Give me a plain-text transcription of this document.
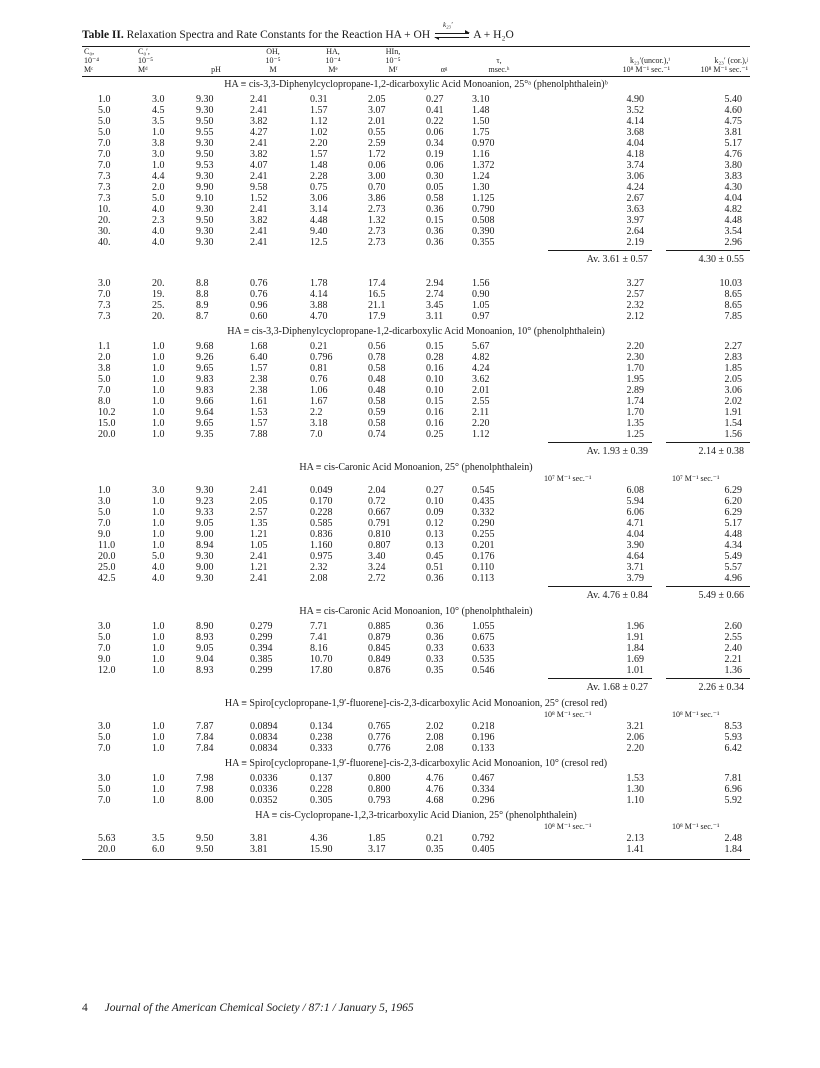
Table II. Relaxation Spectra and Rate Constants for the Reaction HA + OH
k₂₃′
A + H₂O
C₀,	C₀′,		OH,	HA,	HIn,				
10⁻⁴	10⁻⁵		10⁻⁵	10⁻⁴	10⁻⁵		τ,	k₂₃′(uncor.),ⁱ	k₂₃′ (cor.),ʲ
Mᶜ	Mᵈ	pH	M	Mᵉ	Mᶠ	αᵍ	msec.ʰ	10⁸ M⁻¹ sec.⁻¹	10⁸ M⁻¹ sec.⁻¹
HA ≡ cis-3,3-Diphenylcyclopropane-1,2-dicarboxylic Acid Monoanion, 25°ᵃ (phenolphthalein)ᵇ
1.0	3.0	9.30	2.41	0.31	2.05	0.27	3.10	4.90	5.40
5.0	4.5	9.30	2.41	1.57	3.07	0.41	1.48	3.52	4.60
5.0	3.5	9.50	3.82	1.12	2.01	0.22	1.50	4.14	4.75
5.0	1.0	9.55	4.27	1.02	0.55	0.06	1.75	3.68	3.81
7.0	3.8	9.30	2.41	2.20	2.59	0.34	0.970	4.04	5.17
7.0	3.0	9.50	3.82	1.57	1.72	0.19	1.16	4.18	4.76
7.0	1.0	9.53	4.07	1.48	0.06	0.06	1.372	3.74	3.80
7.3	4.4	9.30	2.41	2.28	3.00	0.30	1.24	3.06	3.83
7.3	2.0	9.90	9.58	0.75	0.70	0.05	1.30	4.24	4.30
7.3	5.0	9.10	1.52	3.06	3.86	0.58	1.125	2.67	4.04
10.	4.0	9.30	2.41	3.14	2.73	0.36	0.790	3.63	4.82
20.	2.3	9.50	3.82	4.48	1.32	0.15	0.508	3.97	4.48
30.	4.0	9.30	2.41	9.40	2.73	0.36	0.390	2.64	3.54
40.	4.0	9.30	2.41	12.5	2.73	0.36	0.355	2.19	2.96
Av. 3.61 ± 0.57	4.30 ± 0.55
3.0	20.	8.8	0.76	1.78	17.4	2.94	1.56	3.27	10.03
7.0	19.	8.8	0.76	4.14	16.5	2.74	0.90	2.57	8.65
7.3	25.	8.9	0.96	3.88	21.1	3.45	1.05	2.32	8.65
7.3	20.	8.7	0.60	4.70	17.9	3.11	0.97	2.12	7.85
HA ≡ cis-3,3-Diphenylcyclopropane-1,2-dicarboxylic Acid Monoanion, 10° (phenolphthalein)
1.1	1.0	9.68	1.68	0.21	0.56	0.15	5.67	2.20	2.27
2.0	1.0	9.26	6.40	0.796	0.78	0.28	4.82	2.30	2.83
3.8	1.0	9.65	1.57	0.81	0.58	0.16	4.24	1.70	1.85
5.0	1.0	9.83	2.38	0.76	0.48	0.10	3.62	1.95	2.05
7.0	1.0	9.83	2.38	1.06	0.48	0.10	2.01	2.89	3.06
8.0	1.0	9.66	1.61	1.67	0.58	0.15	2.55	1.74	2.02
10.2	1.0	9.64	1.53	2.2	0.59	0.16	2.11	1.70	1.91
15.0	1.0	9.65	1.57	3.18	0.58	0.16	2.20	1.35	1.54
20.0	1.0	9.35	7.88	7.0	0.74	0.25	1.12	1.25	1.56
Av. 1.93 ± 0.39	2.14 ± 0.38
HA ≡ cis-Caronic Acid Monoanion, 25° (phenolphthalein)
10⁷ M⁻¹ sec.⁻¹	10⁷ M⁻¹ sec.⁻¹
1.0	3.0	9.30	2.41	0.049	2.04	0.27	0.545	6.08	6.29
3.0	1.0	9.23	2.05	0.170	0.72	0.10	0.435	5.94	6.20
5.0	1.0	9.33	2.57	0.228	0.667	0.09	0.332	6.06	6.29
7.0	1.0	9.05	1.35	0.585	0.791	0.12	0.290	4.71	5.17
9.0	1.0	9.00	1.21	0.836	0.810	0.13	0.255	4.04	4.48
11.0	1.0	8.94	1.05	1.160	0.807	0.13	0.201	3.90	4.34
20.0	5.0	9.30	2.41	0.975	3.40	0.45	0.176	4.64	5.49
25.0	4.0	9.00	1.21	2.32	3.24	0.51	0.110	3.71	5.57
42.5	4.0	9.30	2.41	2.08	2.72	0.36	0.113	3.79	4.96
Av. 4.76 ± 0.84	5.49 ± 0.66
HA ≡ cis-Caronic Acid Monoanion, 10° (phenolphthalein)
3.0	1.0	8.90	0.279	7.71	0.885	0.36	1.055	1.96	2.60
5.0	1.0	8.93	0.299	7.41	0.879	0.36	0.675	1.91	2.55
7.0	1.0	9.05	0.394	8.16	0.845	0.33	0.633	1.84	2.40
9.0	1.0	9.04	0.385	10.70	0.849	0.33	0.535	1.69	2.21
12.0	1.0	8.93	0.299	17.80	0.876	0.35	0.546	1.01	1.36
Av. 1.68 ± 0.27	2.26 ± 0.34
HA ≡ Spiro[cyclopropane-1,9′-fluorene]-cis-2,3-dicarboxylic Acid Monoanion, 25° (cresol red)
10⁸ M⁻¹ sec.⁻¹	10⁸ M⁻¹ sec.⁻¹
3.0	1.0	7.87	0.0894	0.134	0.765	2.02	0.218	3.21	8.53
5.0	1.0	7.84	0.0834	0.238	0.776	2.08	0.196	2.06	5.93
7.0	1.0	7.84	0.0834	0.333	0.776	2.08	0.133	2.20	6.42
HA ≡ Spiro[cyclopropane-1,9′-fluorene]-cis-2,3-dicarboxylic Acid Monoanion, 10° (cresol red)
3.0	1.0	7.98	0.0336	0.137	0.800	4.76	0.467	1.53	7.81
5.0	1.0	7.98	0.0336	0.228	0.800	4.76	0.334	1.30	6.96
7.0	1.0	8.00	0.0352	0.305	0.793	4.68	0.296	1.10	5.92
HA ≡ cis-Cyclopropane-1,2,3-tricarboxylic Acid Dianion, 25° (phenolphthalein)
10⁸ M⁻¹ sec.⁻¹	10⁸ M⁻¹ sec.⁻¹
5.63	3.5	9.50	3.81	4.36	1.85	0.21	0.792	2.13	2.48
20.0	6.0	9.50	3.81	15.90	3.17	0.35	0.405	1.41	1.84
4 Journal of the American Chemical Society / 87:1 / January 5, 1965
